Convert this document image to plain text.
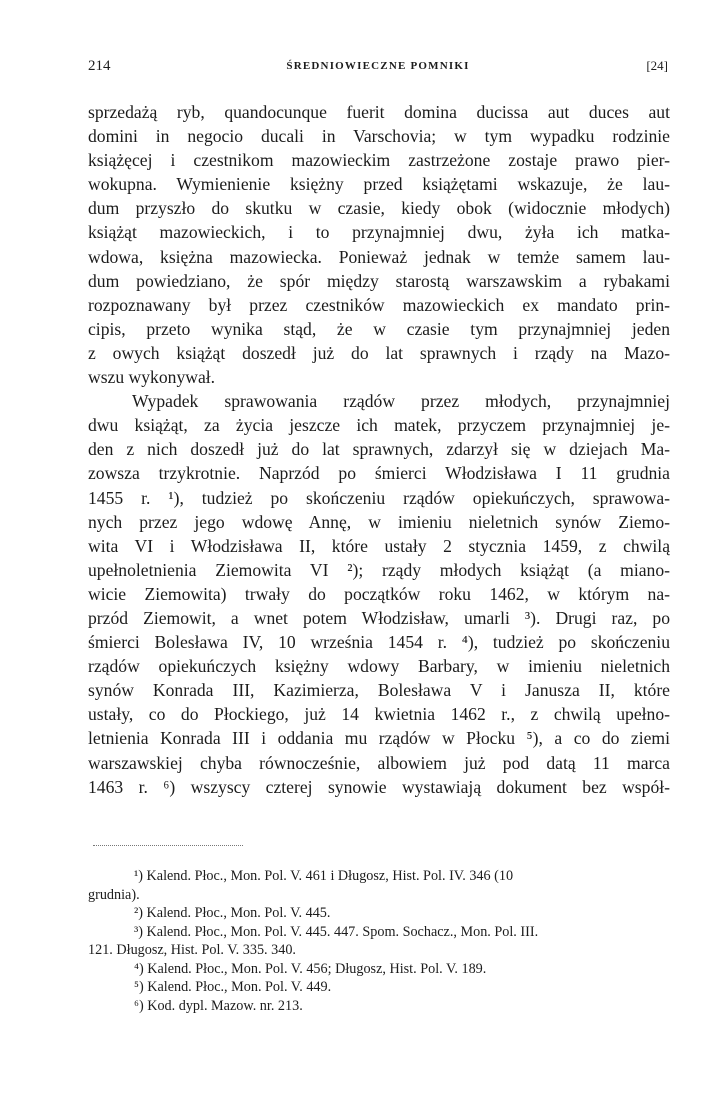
214	ŚREDNIOWIECZNE POMNIKI	[24]
sprzedażą ryb, quandocunque fuerit domina ducissa aut duces aut
domini in negocio ducali in Varschovia; w tym wypadku rodzinie
książęcej i czestnikom mazowieckim zastrzeżone zostaje prawo pier-
wokupna. Wymienienie księżny przed książętami wskazuje, że lau-
dum przyszło do skutku w czasie, kiedy obok (widocznie młodych)
książąt mazowieckich, i to przynajmniej dwu, żyła ich matka-
wdowa, księżna mazowiecka. Ponieważ jednak w temże samem lau-
dum powiedziano, że spór między starostą warszawskim a rybakami
rozpoznawany był przez czestników mazowieckich ex mandato prin-
cipis, przeto wynika stąd, że w czasie tym przynajmniej jeden
z owych książąt doszedł już do lat sprawnych i rządy na Mazo-
wszu wykonywał.
Wypadek sprawowania rządów przez młodych, przynajmniej
dwu książąt, za życia jeszcze ich matek, przyczem przynajmniej je-
den z nich doszedł już do lat sprawnych, zdarzył się w dziejach Ma-
zowsza trzykrotnie. Naprzód po śmierci Włodzisława I 11 grudnia
1455 r. ¹), tudzież po skończeniu rządów opiekuńczych, sprawowa-
nych przez jego wdowę Annę, w imieniu nieletnich synów Ziemo-
wita VI i Włodzisława II, które ustały 2 stycznia 1459, z chwilą
upełnoletnienia Ziemowita VI ²); rządy młodych książąt (a miano-
wicie Ziemowita) trwały do początków roku 1462, w którym na-
przód Ziemowit, a wnet potem Włodzisław, umarli ³). Drugi raz, po
śmierci Bolesława IV, 10 września 1454 r. ⁴), tudzież po skończeniu
rządów opiekuńczych księżny wdowy Barbary, w imieniu nieletnich
synów Konrada III, Kazimierza, Bolesława V i Janusza II, które
ustały, co do Płockiego, już 14 kwietnia 1462 r., z chwilą upełno-
letnienia Konrada III i oddania mu rządów w Płocku ⁵), a co do ziemi
warszawskiej chyba równocześnie, albowiem już pod datą 11 marca
1463 r. ⁶) wszyscy czterej synowie wystawiają dokument bez współ-
¹) Kalend. Płoc., Mon. Pol. V. 461 i Długosz, Hist. Pol. IV. 346 (10
grudnia).
²) Kalend. Płoc., Mon. Pol. V. 445.
³) Kalend. Płoc., Mon. Pol. V. 445. 447. Spom. Sochacz., Mon. Pol. III.
121. Długosz, Hist. Pol. V. 335. 340.
⁴) Kalend. Płoc., Mon. Pol. V. 456; Długosz, Hist. Pol. V. 189.
⁵) Kalend. Płoc., Mon. Pol. V. 449.
⁶) Kod. dypl. Mazow. nr. 213.
